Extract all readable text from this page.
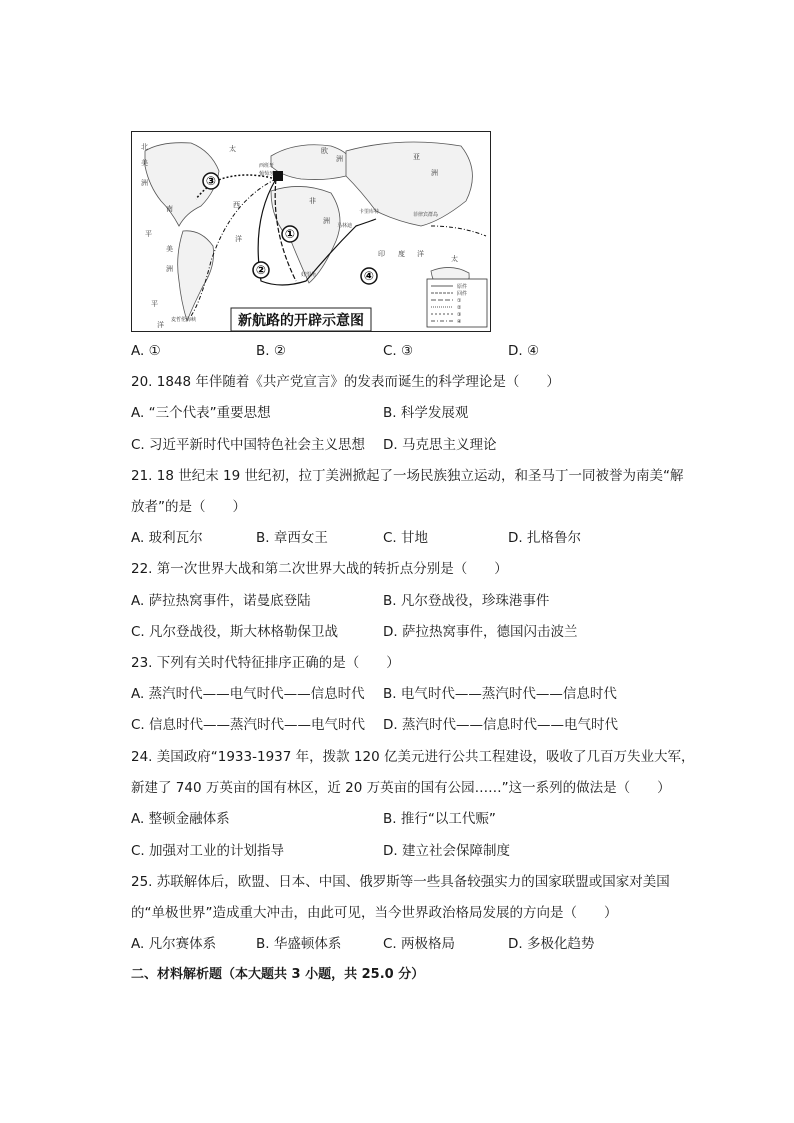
③
①
②	④
北
美
洲
太
西
洋
欧
洲	亚
洲
非
洲
印 度 洋
太
南
美
洲
平
平
洋
西班牙
葡萄牙
卡里库特
马林迪
好望角
麦哲伦海峡
菲律宾群岛
原件
回件
①
②
③
④
新航路的开辟示意图
A. ①	B. ②	C. ③	D. ④
20. 1848 年伴随着《共产党宣言》的发表而诞生的科学理论是（　　）
A. “三个代表”重要思想	B. 科学发展观
C. 习近平新时代中国特色社会主义思想 D. 马克思主义理论
21. 18 世纪末 19 世纪初，拉丁美洲掀起了一场民族独立运动，和圣马丁一同被誉为南美“解
放者”的是（　　）
A. 玻利瓦尔	B. 章西女王	C. 甘地	D. 扎格鲁尔
22. 第一次世界大战和第二次世界大战的转折点分别是（　　）
A. 萨拉热窝事件，诺曼底登陆	B. 凡尔登战役，珍珠港事件
C. 凡尔登战役，斯大林格勒保卫战	D. 萨拉热窝事件，德国闪击波兰
23. 下列有关时代特征排序正确的是（　　）
A. 蒸汽时代——电气时代——信息时代 B. 电气时代——蒸汽时代——信息时代
C. 信息时代——蒸汽时代——电气时代 D. 蒸汽时代——信息时代——电气时代
24. 美国政府“1933-1937 年，拨款 120 亿美元进行公共工程建设，吸收了几百万失业大军，
新建了 740 万英亩的国有林区，近 20 万英亩的国有公园……”这一系列的做法是（　　）
A. 整顿金融体系	B. 推行“以工代赈”
C. 加强对工业的计划指导	D. 建立社会保障制度
25. 苏联解体后，欧盟、日本、中国、俄罗斯等一些具备较强实力的国家联盟或国家对美国
的“单极世界”造成重大冲击，由此可见，当今世界政治格局发展的方向是（　　）
A. 凡尔赛体系	B. 华盛顿体系	C. 两极格局	D. 多极化趋势
二、材料解析题（本大题共 3 小题，共 25.0 分）
